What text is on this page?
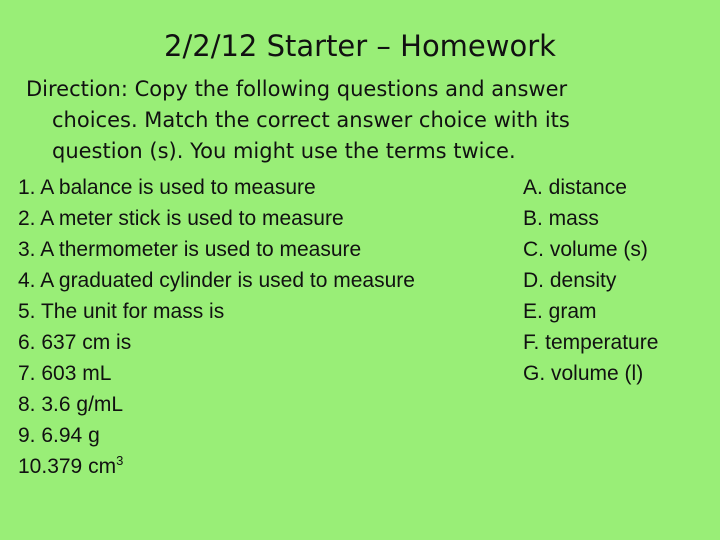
2/2/12 Starter – Homework
Direction: Copy the following questions and answer
choices. Match the correct answer choice with its
question (s). You might use the terms twice.
1. A balance is used to measure
2. A meter stick is used to measure
3. A thermometer is used to measure
4. A graduated cylinder is used to measure
5. The unit for mass is
6. 637 cm is
7. 603 mL
8. 3.6 g/mL
9. 6.94 g
10.379 $cm^3$
A. distance
B. mass
C. volume (s)
D. density
E. gram
F. temperature
G. volume (l)
